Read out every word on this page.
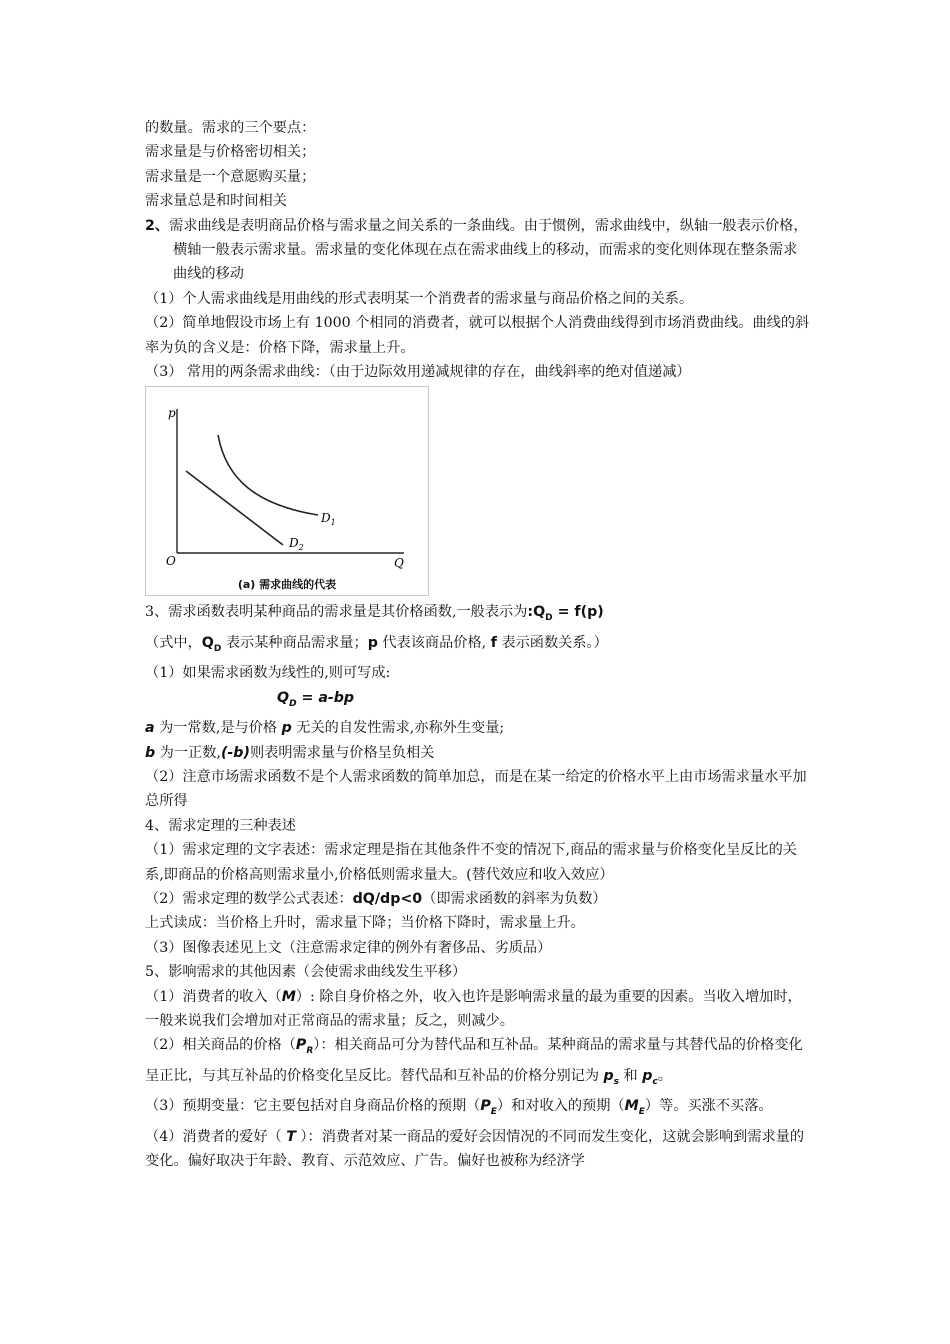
的数量。需求的三个要点：
需求量是与价格密切相关；
需求量是一个意愿购买量；
需求量总是和时间相关
2、需求曲线是表明商品价格与需求量之间关系的一条曲线。由于惯例，需求曲线中，纵轴一般表示价格，横轴一般表示需求量。需求量的变化体现在点在需求曲线上的移动，而需求的变化则体现在整条需求曲线的移动
（1）个人需求曲线是用曲线的形式表明某一个消费者的需求量与商品价格之间的关系。
（2）简单地假设市场上有 1000 个相同的消费者，就可以根据个人消费曲线得到市场消费曲线。曲线的斜率为负的含义是：价格下降，需求量上升。
（3） 常用的两条需求曲线：（由于边际效用递减规律的存在，曲线斜率的绝对值递减）
p
Q
O
$D_1$
$D_2$
(a) 需求曲线的代表
3、需求函数表明某种商品的需求量是其价格函数,一般表示为$:Q_D = f(p)$
（式中，$Q_D$ 表示某种商品需求量；p 代表该商品价格, f 表示函数关系。）
（1）如果需求函数为线性的,则可写成:
$Q_D = a-bp$
a 为一常数,是与价格 p 无关的自发性需求,亦称外生变量;
b 为一正数,(-b)则表明需求量与价格呈负相关
（2）注意市场需求函数不是个人需求函数的简单加总，而是在某一给定的价格水平上由市场需求量水平加总所得
4、需求定理的三种表述
（1）需求定理的文字表述：需求定理是指在其他条件不变的情况下,商品的需求量与价格变化呈反比的关系,即商品的价格高则需求量小,价格低则需求量大。(替代效应和收入效应）
（2）需求定理的数学公式表述：dQ/dp<0（即需求函数的斜率为负数）
上式读成：当价格上升时，需求量下降；当价格下降时，需求量上升。
（3）图像表述见上文（注意需求定律的例外有奢侈品、劣质品）
5、影响需求的其他因素（会使需求曲线发生平移）
（1）消费者的收入（M）: 除自身价格之外，收入也许是影响需求量的最为重要的因素。当收入增加时，一般来说我们会增加对正常商品的需求量；反之，则减少。
（2）相关商品的价格$(P_R)$：相关商品可分为替代品和互补品。某种商品的需求量与其替代品的价格变化呈正比，与其互补品的价格变化呈反比。替代品和互补品的价格分别记为 $p_s$ 和 $p_c$。
（3）预期变量：它主要包括对自身商品价格的预期$(P_E)$和对收入的预期$(M_E)$等。买涨不买落。
（4）消费者的爱好（ T ）：消费者对某一商品的爱好会因情况的不同而发生变化，这就会影响到需求量的变化。偏好取决于年龄、教育、示范效应、广告。偏好也被称为经济学
